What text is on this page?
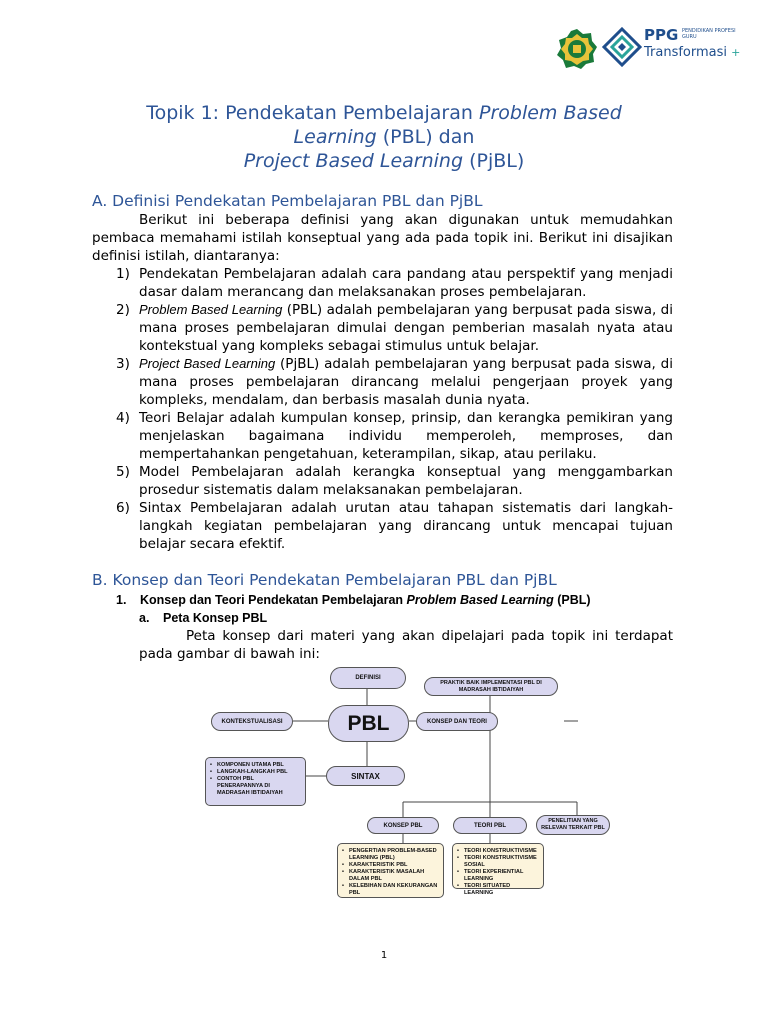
PPG PENDIDIKAN PROFESI GURU
Transformasi +
Topik 1: Pendekatan Pembelajaran Problem Based
Learning (PBL) dan
Project Based Learning (PjBL)
A. Definisi Pendekatan Pembelajaran PBL dan PjBL
Berikut ini beberapa definisi yang akan digunakan untuk memudahkan pembaca memahami istilah konseptual yang ada pada topik ini. Berikut ini disajikan definisi istilah, diantaranya:
1) Pendekatan Pembelajaran adalah cara pandang atau perspektif yang menjadi dasar dalam merancang dan melaksanakan proses pembelajaran.
2) Problem Based Learning (PBL) adalah pembelajaran yang berpusat pada siswa, di mana proses pembelajaran dimulai dengan pemberian masalah nyata atau kontekstual yang kompleks sebagai stimulus untuk belajar.
3) Project Based Learning (PjBL) adalah pembelajaran yang berpusat pada siswa, di mana proses pembelajaran dirancang melalui pengerjaan proyek yang kompleks, mendalam, dan berbasis masalah dunia nyata.
4) Teori Belajar adalah kumpulan konsep, prinsip, dan kerangka pemikiran yang menjelaskan bagaimana individu memperoleh, memproses, dan mempertahankan pengetahuan, keterampilan, sikap, atau perilaku.
5) Model Pembelajaran adalah kerangka konseptual yang menggambarkan prosedur sistematis dalam melaksanakan pembelajaran.
6) Sintax Pembelajaran adalah urutan atau tahapan sistematis dari langkah-langkah kegiatan pembelajaran yang dirancang untuk mencapai tujuan belajar secara efektif.
B. Konsep dan Teori Pendekatan Pembelajaran PBL dan PjBL
1. Konsep dan Teori Pendekatan Pembelajaran Problem Based Learning (PBL)
a. Peta Konsep PBL
Peta konsep dari materi yang akan dipelajari pada topik ini terdapat pada gambar di bawah ini:
DEFINISI
PRAKTIK BAIK IMPLEMENTASI PBL DI MADRASAH IBTIDAIYAH
KONTEKSTUALISASI	PBL	KONSEP DAN TEORI
SINTAX
• KOMPONEN UTAMA PBL
• LANGKAH-LANGKAH PBL
• CONTOH PBL PENERAPANNYA DI MADRASAH IBTIDAIYAH
KONSEP PBL	TEORI PBL
PENELITIAN YANG RELEVAN TERKAIT PBL
• PENGERTIAN PROBLEM-BASED LEARNING (PBL)
• KARAKTERISTIK PBL
• KARAKTERISTIK MASALAH DALAM PBL
• KELEBIHAN DAN KEKURANGAN PBL
• TEORI KONSTRUKTIVISME
• TEORI KONSTRUKTIVISME SOSIAL
• TEORI EXPERIENTIAL LEARNING
• TEORI SITUATED LEARNING
1
